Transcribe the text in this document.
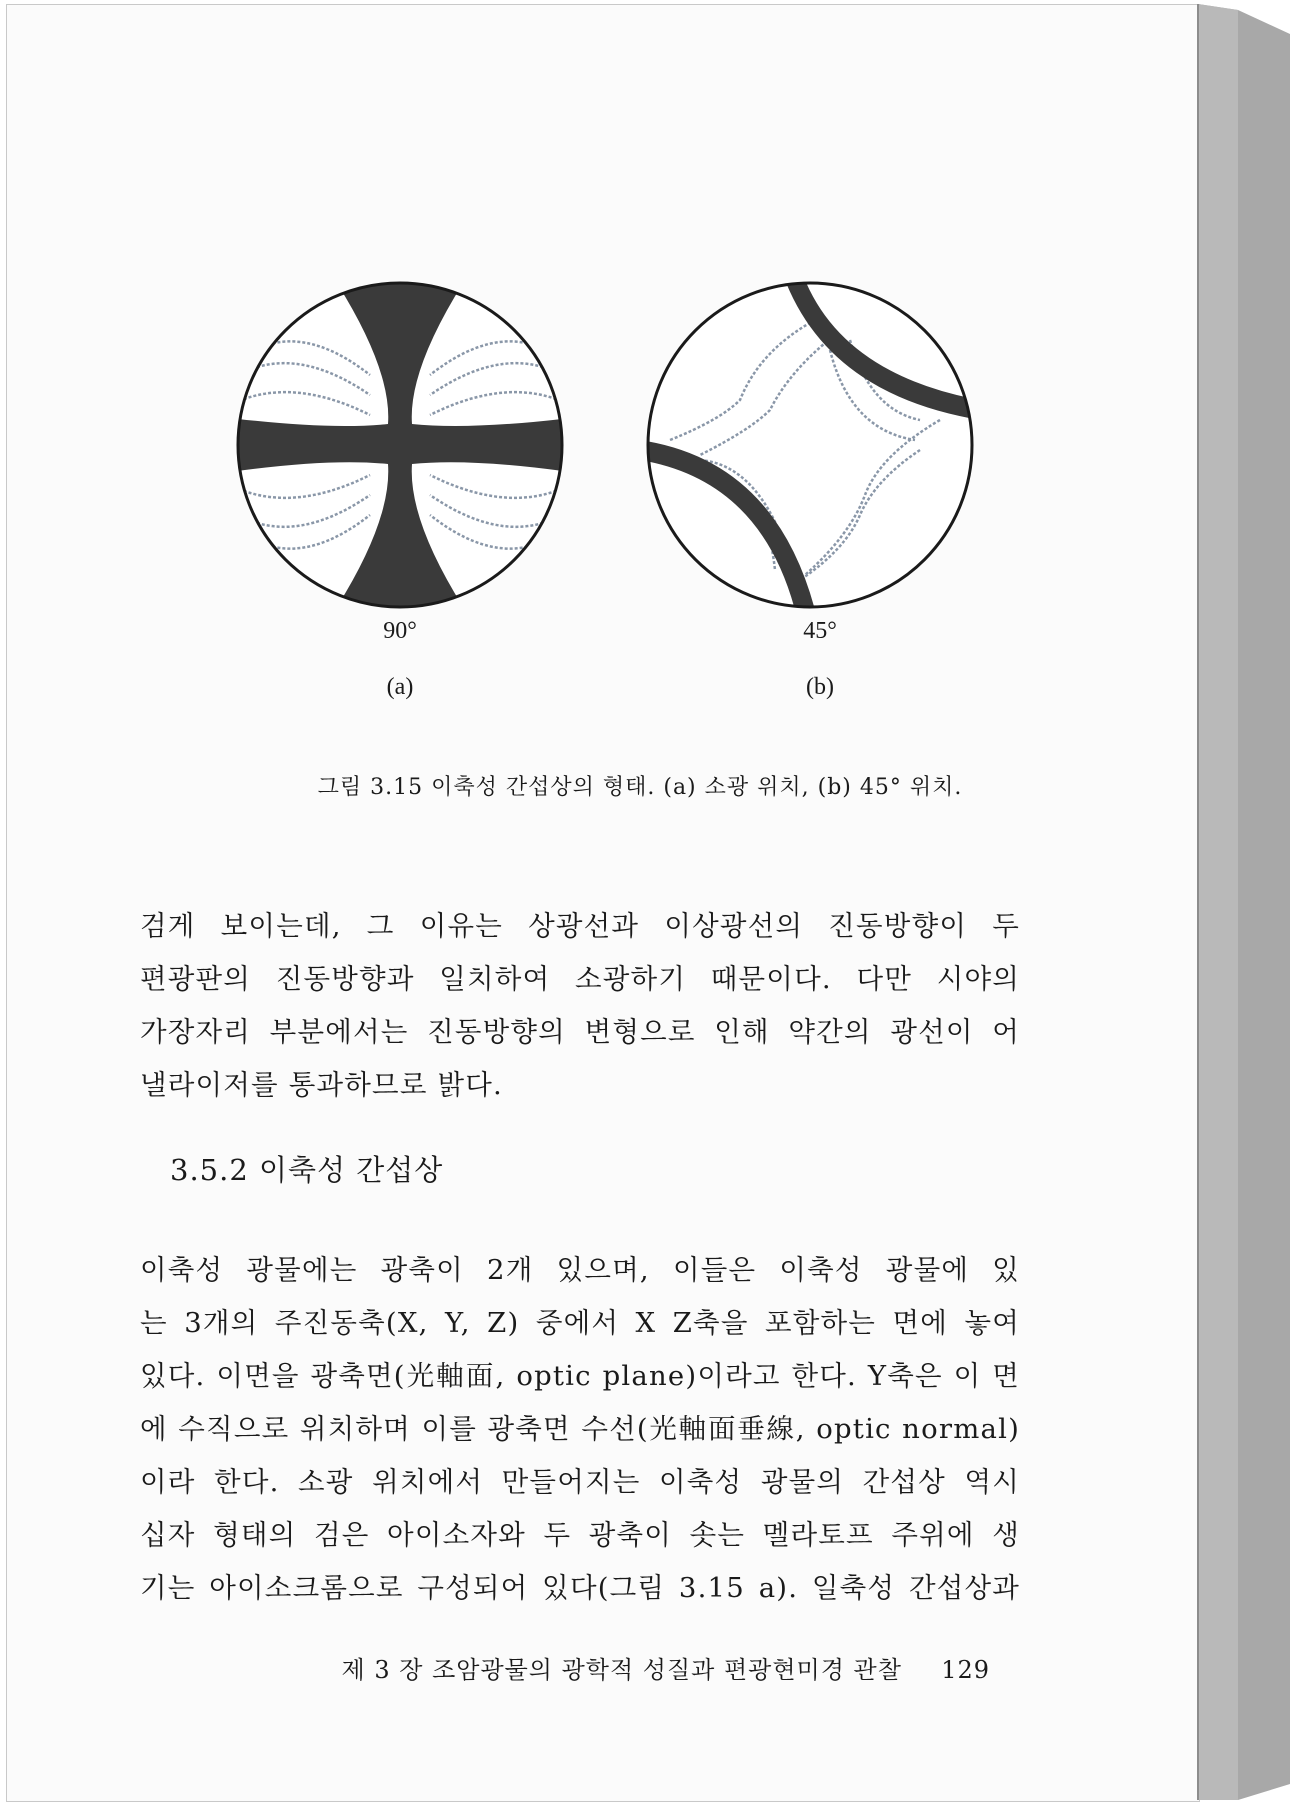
90°
(a)
45°
(b)
그림 3.15 이축성 간섭상의 형태. (a) 소광 위치, (b) 45° 위치.
검게 보이는데, 그 이유는 상광선과 이상광선의 진동방향이 두
편광판의 진동방향과 일치하여 소광하기 때문이다. 다만 시야의
가장자리 부분에서는 진동방향의 변형으로 인해 약간의 광선이 어
낼라이저를 통과하므로 밝다.
3.5.2 이축성 간섭상
이축성 광물에는 광축이 2개 있으며, 이들은 이축성 광물에 있
는 3개의 주진동축(X, Y, Z) 중에서 X Z축을 포함하는 면에 놓여
있다. 이면을 광축면(光軸面, optic plane)이라고 한다. Y축은 이 면
에 수직으로 위치하며 이를 광축면 수선(光軸面垂線, optic normal)
이라 한다. 소광 위치에서 만들어지는 이축성 광물의 간섭상 역시
십자 형태의 검은 아이소자와 두 광축이 솟는 멜라토프 주위에 생
기는 아이소크롬으로 구성되어 있다(그림 3.15 a). 일축성 간섭상과
제 3 장 조암광물의 광학적 성질과 편광현미경 관찰 129
